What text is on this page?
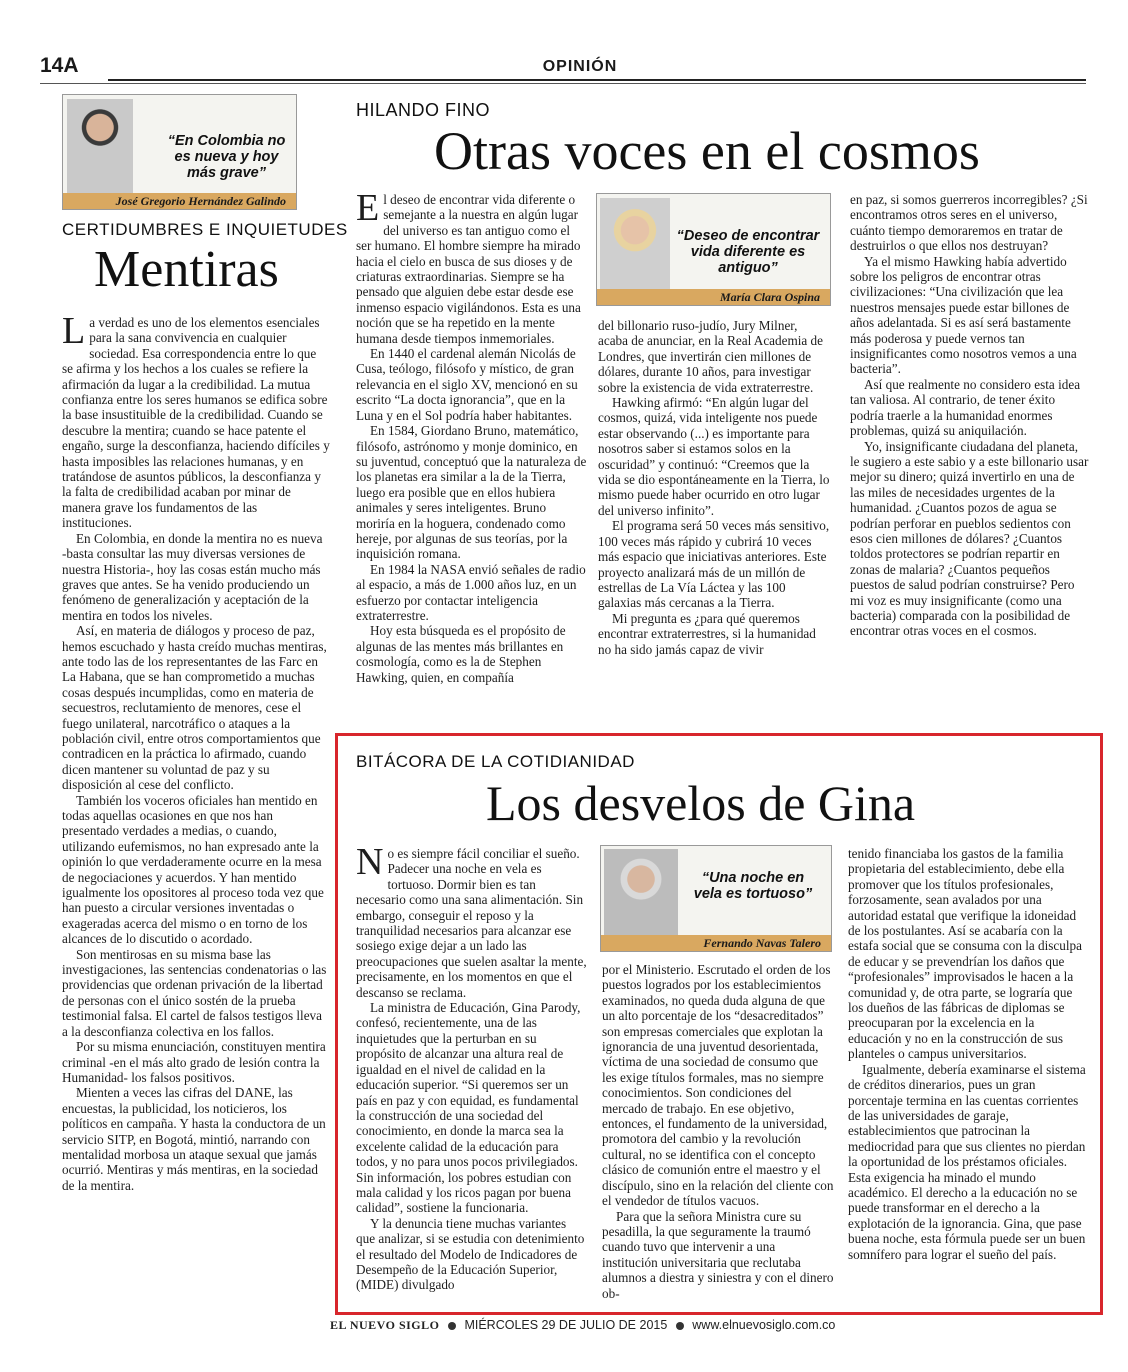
14A	OPINIÓN
“En Colombia no es nueva y hoy más grave”
José Gregorio Hernández Galindo
CERTIDUMBRES E INQUIETUDES
Mentiras

La verdad es uno de los elementos esenciales para la sana convivencia en cualquier sociedad. Esa correspondencia entre lo que se afirma y los hechos a los cuales se refiere la afirmación da lugar a la credibilidad. La mutua confianza entre los seres humanos se edifica sobre la base insustituible de la credibilidad. Cuando se descubre la mentira; cuando se hace patente el engaño, surge la desconfianza, haciendo difíciles y hasta imposibles las relaciones humanas, y en tratándose de asuntos públicos, la desconfianza y la falta de credibilidad acaban por minar de manera grave los fundamentos de las instituciones.

En Colombia, en donde la mentira no es nueva -basta consultar las muy diversas versiones de nuestra Historia-, hoy las cosas están mucho más graves que antes. Se ha venido produciendo un fenómeno de generalización y aceptación de la mentira en todos los niveles.

Así, en materia de diálogos y proceso de paz, hemos escuchado y hasta creído muchas mentiras, ante todo las de los representantes de las Farc en La Habana, que se han comprometido a muchas cosas después incumplidas, como en materia de secuestros, reclutamiento de menores, cese el fuego unilateral, narcotráfico o ataques a la población civil, entre otros comportamientos que contradicen en la práctica lo afirmado, cuando dicen mantener su voluntad de paz y su disposición al cese del conflicto.

También los voceros oficiales han mentido en todas aquellas ocasiones en que nos han presentado verdades a medias, o cuando, utilizando eufemismos, no han expresado ante la opinión lo que verdaderamente ocurre en la mesa de negociaciones y acuerdos. Y han mentido igualmente los opositores al proceso toda vez que han puesto a circular versiones inventadas o exageradas acerca del mismo o en torno de los alcances de lo discutido o acordado.

Son mentirosas en su misma base las investigaciones, las sentencias condenatorias o las providencias que ordenan privación de la libertad de personas con el único sostén de la prueba testimonial falsa. El cartel de falsos testigos lleva a la desconfianza colectiva en los fallos.

Por su misma enunciación, constituyen mentira criminal -en el más alto grado de lesión contra la Humanidad- los falsos positivos.

Mienten a veces las cifras del DANE, las encuestas, la publicidad, los noticieros, los políticos en campaña. Y hasta la conductora de un servicio SITP, en Bogotá, mintió, narrando con mentalidad morbosa un ataque sexual que jamás ocurrió. Mentiras y más mentiras, en la sociedad de la mentira.

HILANDO FINO
Otras voces en el cosmos

El deseo de encontrar vida diferente o semejante a la nuestra en algún lugar del universo es tan antiguo como el ser humano. El hombre siempre ha mirado hacia el cielo en busca de sus dioses y de criaturas extraordinarias. Siempre se ha pensado que alguien debe estar desde ese inmenso espacio vigilándonos. Esta es una noción que se ha repetido en la mente humana desde tiempos inmemoriales.

En 1440 el cardenal alemán Nicolás de Cusa, teólogo, filósofo y místico, de gran relevancia en el siglo XV, mencionó en su escrito “La docta ignorancia”, que en la Luna y en el Sol podría haber habitantes.

En 1584, Giordano Bruno, matemático, filósofo, astrónomo y monje dominico, en su juventud, conceptuó que la naturaleza de los planetas era similar a la de la Tierra, luego era posible que en ellos hubiera animales y seres inteligentes. Bruno moriría en la hoguera, condenado como hereje, por algunas de sus teorías, por la inquisición romana.

En 1984 la NASA envió señales de radio al espacio, a más de 1.000 años luz, en un esfuerzo por contactar inteligencia extraterrestre.

Hoy esta búsqueda es el propósito de algunas de las mentes más brillantes en cosmología, como es la de Stephen Hawking, quien, en compañía

“Deseo de encontrar vida diferente es antiguo”
María Clara Ospina

del billonario ruso-judío, Jury Milner, acaba de anunciar, en la Real Academia de Londres, que invertirán cien millones de dólares, durante 10 años, para investigar sobre la existencia de vida extraterrestre.

Hawking afirmó: “En algún lugar del cosmos, quizá, vida inteligente nos puede estar observando (...) es importante para nosotros saber si estamos solos en la oscuridad” y continuó: “Creemos que la vida se dio espontáneamente en la Tierra, lo mismo puede haber ocurrido en otro lugar del universo infinito”.

El programa será 50 veces más sensitivo, 100 veces más rápido y cubrirá 10 veces más espacio que iniciativas anteriores. Este proyecto analizará más de un millón de estrellas de La Vía Láctea y las 100 galaxias más cercanas a la Tierra.

Mi pregunta es ¿para qué queremos encontrar extraterrestres, si la humanidad no ha sido jamás capaz de vivir

en paz, si somos guerreros incorregibles? ¿Si encontramos otros seres en el universo, cuánto tiempo demoraremos en tratar de destruirlos o que ellos nos destruyan?

Ya el mismo Hawking había advertido sobre los peligros de encontrar otras civilizaciones: “Una civilización que lea nuestros mensajes puede estar billones de años adelantada. Si es así será bastamente más poderosa y puede vernos tan insignificantes como nosotros vemos a una bacteria”.

Así que realmente no considero esta idea tan valiosa. Al contrario, de tener éxito podría traerle a la humanidad enormes problemas, quizá su aniquilación.

Yo, insignificante ciudadana del planeta, le sugiero a este sabio y a este billonario usar mejor su dinero; quizá invertirlo en una de las miles de necesidades urgentes de la humanidad. ¿Cuantos pozos de agua se podrían perforar en pueblos sedientos con esos cien millones de dólares? ¿Cuantos toldos protectores se podrían repartir en zonas de malaria? ¿Cuantos pequeños puestos de salud podrían construirse? Pero mi voz es muy insignificante (como una bacteria) comparada con la posibilidad de encontrar otras voces en el cosmos.

BITÁCORA DE LA COTIDIANIDAD
Los desvelos de Gina

No es siempre fácil conciliar el sueño. Padecer una noche en vela es tortuoso. Dormir bien es tan necesario como una sana alimentación. Sin embargo, conseguir el reposo y la tranquilidad necesarios para alcanzar ese sosiego exige dejar a un lado las preocupaciones que suelen asaltar la mente, precisamente, en los momentos en que el descanso se reclama.

La ministra de Educación, Gina Parody, confesó, recientemente, una de las inquietudes que la perturban en su propósito de alcanzar una altura real de igualdad en el nivel de calidad en la educación superior. “Si queremos ser un país en paz y con equidad, es fundamental la construcción de una sociedad del conocimiento, en donde la marca sea la excelente calidad de la educación para todos, y no para unos pocos privilegiados. Sin información, los pobres estudian con mala calidad y los ricos pagan por buena calidad”, sostiene la funcionaria.

Y la denuncia tiene muchas variantes que analizar, si se estudia con detenimiento el resultado del Modelo de Indicadores de Desempeño de la Educación Superior, (MIDE) divulgado

“Una noche en vela es tortuoso”
Fernando Navas Talero

por el Ministerio. Escrutado el orden de los puestos logrados por los establecimientos examinados, no queda duda alguna de que un alto porcentaje de los “desacreditados” son empresas comerciales que explotan la ignorancia de una juventud desorientada, víctima de una sociedad de consumo que les exige títulos formales, mas no siempre conocimientos. Son condiciones del mercado de trabajo. En ese objetivo, entonces, el fundamento de la universidad, promotora del cambio y la revolución cultural, no se identifica con el concepto clásico de comunión entre el maestro y el discípulo, sino en la relación del cliente con el vendedor de títulos vacuos.

Para que la señora Ministra cure su pesadilla, la que seguramente la traumó cuando tuvo que intervenir a una institución universitaria que reclutaba alumnos a diestra y siniestra y con el dinero ob-

tenido financiaba los gastos de la familia propietaria del establecimiento, debe ella promover que los títulos profesionales, forzosamente, sean avalados por una autoridad estatal que verifique la idoneidad de los postulantes. Así se acabaría con la estafa social que se consuma con la disculpa de educar y se prevendrían los daños que “profesionales” improvisados le hacen a la comunidad y, de otra parte, se lograría que los dueños de las fábricas de diplomas se preocuparan por la excelencia en la educación y no en la construcción de sus planteles o campus universitarios.

Igualmente, debería examinarse el sistema de créditos dinerarios, pues un gran porcentaje termina en las cuentas corrientes de las universidades de garaje, establecimientos que patrocinan la mediocridad para que sus clientes no pierdan la oportunidad de los préstamos oficiales. Esta exigencia ha minado el mundo académico. El derecho a la educación no se puede transformar en el derecho a la explotación de la ignorancia. Gina, que pase buena noche, esta fórmula puede ser un buen somnífero para lograr el sueño del país.

EL NUEVO SIGLO MIÉRCOLES 29 DE JULIO DE 2015 www.elnuevosiglo.com.co
